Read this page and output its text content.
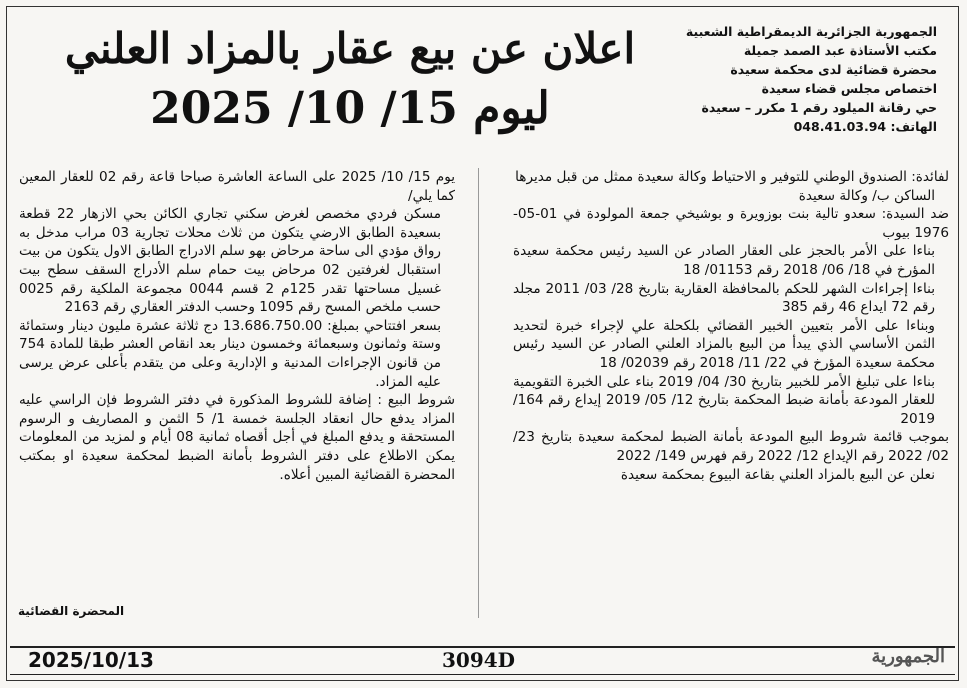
الجمهورية الجزائرية الديمقراطية الشعبية
مكتب الأستاذة عبد الصمد جميلة
محضرة قضائية لدى محكمة سعيدة
اختصاص مجلس قضاء سعيدة
حي رقانة الميلود رقم 1 مكرر – سعيدة
الهاتف: 048.41.03.94
اعلان عن بيع عقار بالمزاد العلني
ليوم 15/ 10/ 2025

لفائدة: الصندوق الوطني للتوفير و الاحتياط وكالة سعيدة ممثل من قبل مديرها

الساكن ب/ وكالة سعيدة

ضد السيدة: سعدو تالية بنت بوزويرة و بوشيخي جمعة المولودة في 01-05-1976 بيوب

بناءا على الأمر بالحجز على العقار الصادر عن السيد رئيس محكمة سعيدة المؤرخ في 18/ 06/ 2018 رقم 01153/ 18

بناءا إجراءات الشهر للحكم بالمحافظة العقارية بتاريخ 28/ 03/ 2011 مجلد رقم 72 ايداع 46 رقم 385

وبناءا على الأمر بتعيين الخبير القضائي بلكحلة علي لإجراء خبرة لتحديد الثمن الأساسي الذي يبدأ من البيع بالمزاد العلني الصادر عن السيد رئيس محكمة سعيدة المؤرخ في 22/ 11/ 2018 رقم 02039/ 18

بناءا على تبليغ الأمر للخبير بتاريخ 30/ 04/ 2019 بناء على الخبرة التقويمية للعقار المودعة بأمانة ضبط المحكمة بتاريخ 12/ 05/ 2019 إيداع رقم 164/ 2019

بموجب قائمة شروط البيع المودعة بأمانة الضبط لمحكمة سعيدة بتاريخ 23/ 02/ 2022 رقم الإيداع 12/ 2022 رقم فهرس 149/ 2022

نعلن عن البيع بالمزاد العلني بقاعة البيوع بمحكمة سعيدة

يوم 15/ 10/ 2025 على الساعة العاشرة صباحا قاعة رقم 02 للعقار المعين كما يلي/

مسكن فردي مخصص لغرض سكني تجاري الكائن بحي الازهار 22 قطعة بسعيدة الطابق الارضي يتكون من ثلاث محلات تجارية 03 مراب مدخل به رواق مؤدي الى ساحة مرحاض بهو سلم الادراج الطابق الاول يتكون من بيت استقبال لغرفتين 02 مرحاض بيت حمام سلم الأدراج السقف سطح بيت غسيل مساحتها تقدر 125م 2 قسم 0044 مجموعة الملكية رقم 0025 حسب ملخص المسح رقم 1095 وحسب الدفتر العقاري رقم 2163

بسعر افتتاحي بمبلغ: 13.686.750.00 دج ثلاثة عشرة مليون دينار وستمائة وستة وثمانون وسبعمائة وخمسون دينار بعد انقاص العشر طبقا للمادة 754 من قانون الإجراءات المدنية و الإدارية وعلى من يتقدم بأعلى عرض يرسى عليه المزاد.

شروط البيع : إضافة للشروط المذكورة في دفتر الشروط فإن الراسي عليه المزاد يدفع حال انعقاد الجلسة خمسة 1/ 5 الثمن و المصاريف و الرسوم المستحقة و يدفع المبلغ في أجل أقصاه ثمانية 08 أيام و لمزيد من المعلومات يمكن الاطلاع على دفتر الشروط بأمانة الضبط لمحكمة سعيدة او بمكتب المحضرة القضائية المبين أعلاه.

المحضرة القضائية
2025/10/13	3094D	الجمهورية
